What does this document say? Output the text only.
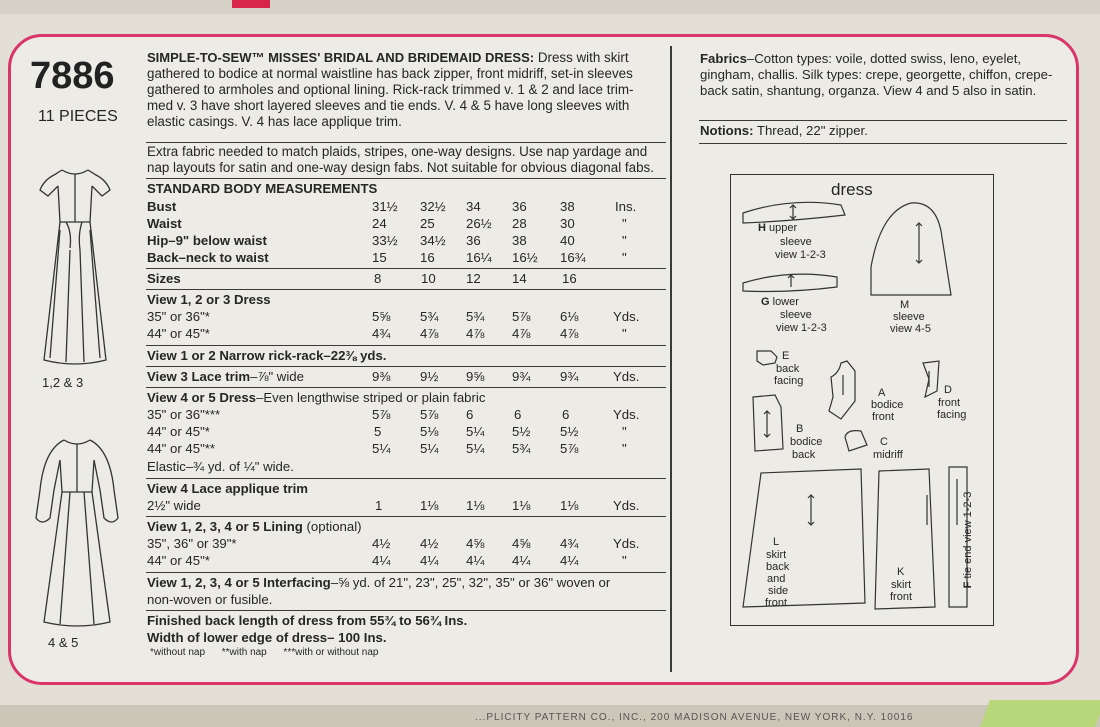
...PLICITY PATTERN CO., INC., 200 MADISON AVENUE, NEW YORK, N.Y. 10016
7886
11 PIECES
1,2 & 3
4 & 5
SIMPLE-TO-SEW™ MISSES' BRIDAL AND BRIDEMAID DRESS: Dress with skirt
gathered to bodice at normal waistline has back zipper, front midriff, set-in sleeves
gathered to armholes and optional lining. Rick-rack trimmed v. 1 & 2 and lace trim-
med v. 3 have short layered sleeves and tie ends. V. 4 & 5 have long sleeves with
elastic casings. V. 4 has lace applique trim.
Extra fabric needed to match plaids, stripes, one-way designs. Use nap yardage and
nap layouts for satin and one-way design fabs. Not suitable for obvious diagonal fabs.
STANDARD BODY MEASUREMENTS
Bust	31½ 32½ 34 36	38	Ins.
Waist	24	25 26½ 28	30	"
Hip–9" below waist	33½ 34½ 36 38	40	"
Back–neck to waist	15	16 16¼ 16½ 16¾	"
Sizes	8	10 12 14	16
View 1, 2 or 3 Dress
35" or 36"*	5⅝ 5¾ 5¾ 5⅞ 6⅛	Yds.
44" or 45"*	4¾ 4⅞ 4⅞ 4⅞ 4⅞	"
View 1 or 2 Narrow rick-rack–22⅜ yds.
View 3 Lace trim–⅞" wide	9⅜ 9½ 9⅝ 9¾ 9¾	Yds.
View 4 or 5 Dress–Even lengthwise striped or plain fabric
35" or 36"***	5⅞ 5⅞ 6	6	6	Yds.
44" or 45"*	5	5⅛ 5¼ 5½ 5½	"
44" or 45"**	5¼ 5¼ 5¼ 5¾ 5⅞	"
Elastic–¾ yd. of ¼" wide.
View 4 Lace applique trim
2½" wide	1	1⅛ 1⅛ 1⅛ 1⅛	Yds.
View 1, 2, 3, 4 or 5 Lining (optional)
35", 36" or 39"*	4½ 4½ 4⅝ 4⅝ 4¾	Yds.
44" or 45"*	4¼ 4¼ 4¼ 4¼ 4¼	"
View 1, 2, 3, 4 or 5 Interfacing–⅝ yd. of 21", 23", 25", 32", 35" or 36" woven or
non-woven or fusible.
Finished back length of dress from 55¾ to 56¾ Ins.
Width of lower edge of dress– 100 Ins.
*without nap **with nap ***with or without nap
Fabrics–Cotton types: voile, dotted swiss, leno, eyelet, gingham, challis. Silk types: crepe, georgette, chiffon, crepe-back satin, shantung, organza. View 4 and 5 also in satin.
Notions: Thread, 22" zipper.
dress
H upper
sleeve
view 1-2-3
G lower
sleeve
view 1-2-3
M
sleeve
view 4-5
E
back
facing
A
bodice
front
D
front
facing
B
bodice
back
C
midriff
L
skirt
back
and
side
front
K
skirt
front
F tie end view 1-2-3
